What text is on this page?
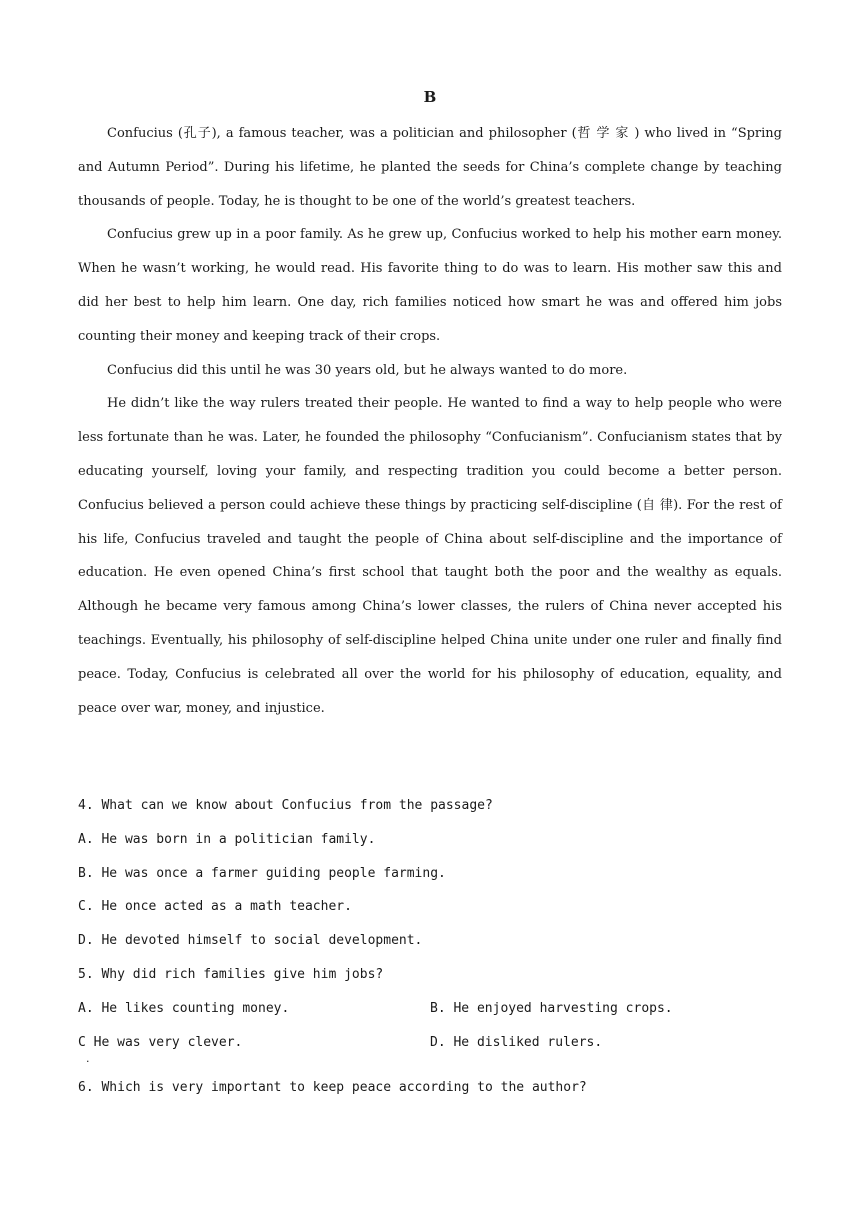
B

Confucius (孔子), a famous teacher, was a politician and philosopher (哲 学 家 ) who lived in “Spring and Autumn Period”. During his lifetime, he planted the seeds for China’s complete change by teaching thousands of people. Today, he is thought to be one of the world’s greatest teachers.

Confucius grew up in a poor family. As he grew up, Confucius worked to help his mother earn money. When he wasn’t working, he would read. His favorite thing to do was to learn. His mother saw this and did her best to help him learn. One day, rich families noticed how smart he was and offered him jobs counting their money and keeping track of their crops.

Confucius did this until he was 30 years old, but he always wanted to do more.

He didn’t like the way rulers treated their people. He wanted to find a way to help people who were less fortunate than he was. Later, he founded the philosophy “Confucianism”. Confucianism states that by educating yourself, loving your family, and respecting tradition you could become a better person. Confucius believed a person could achieve these things by practicing self-discipline (自 律). For the rest of his life, Confucius traveled and taught the people of China about self-discipline and the importance of education. He even opened China’s first school that taught both the poor and the wealthy as equals. Although he became very famous among China’s lower classes, the rulers of China never accepted his teachings. Eventually, his philosophy of self-discipline helped China unite under one ruler and finally find peace. Today, Confucius is celebrated all over the world for his philosophy of education, equality, and peace over war, money, and injustice.

4. What can we know about Confucius from the passage?
A. He was born in a politician family.
B. He was once a farmer guiding people farming.
C. He once acted as a math teacher.
D. He devoted himself to social development.
5. Why did rich families give him jobs?

A. He likes counting money.

	B. He enjoyed harvesting crops.

C He was very clever.

	D. He disliked rulers.

.
6. Which is very important to keep peace according to the author?
